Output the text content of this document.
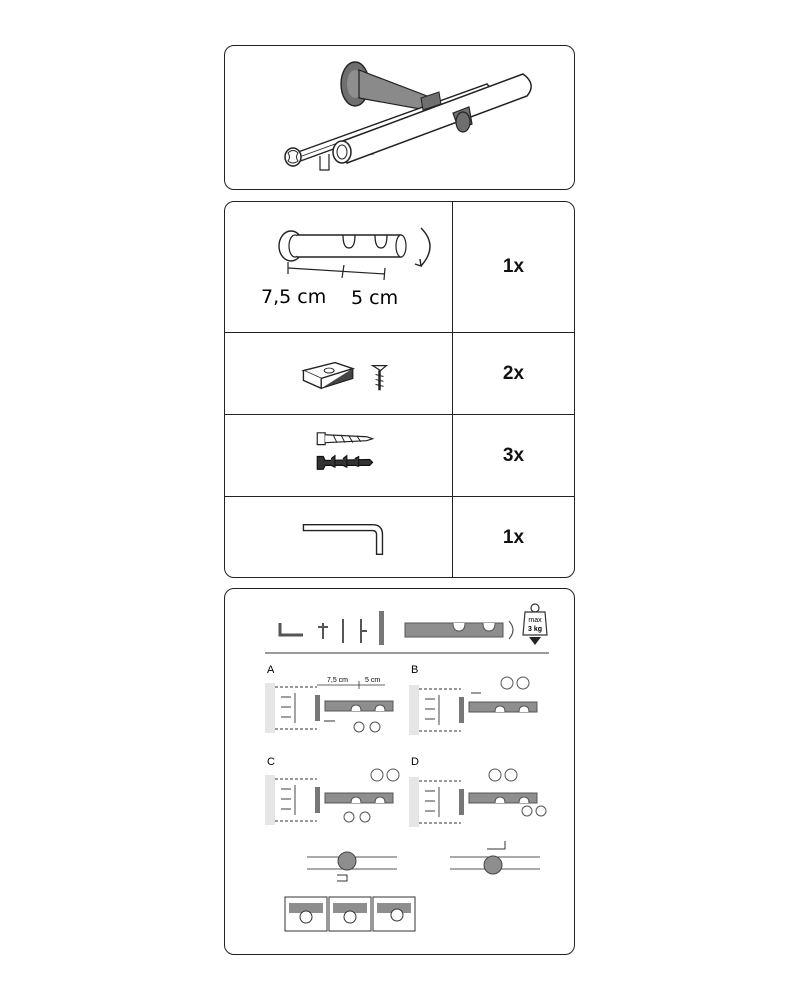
7,5 cm 5 cm
1x
2x
3x
1x
max
3 kg
A
7,5 cm 5 cm
B
C	D
